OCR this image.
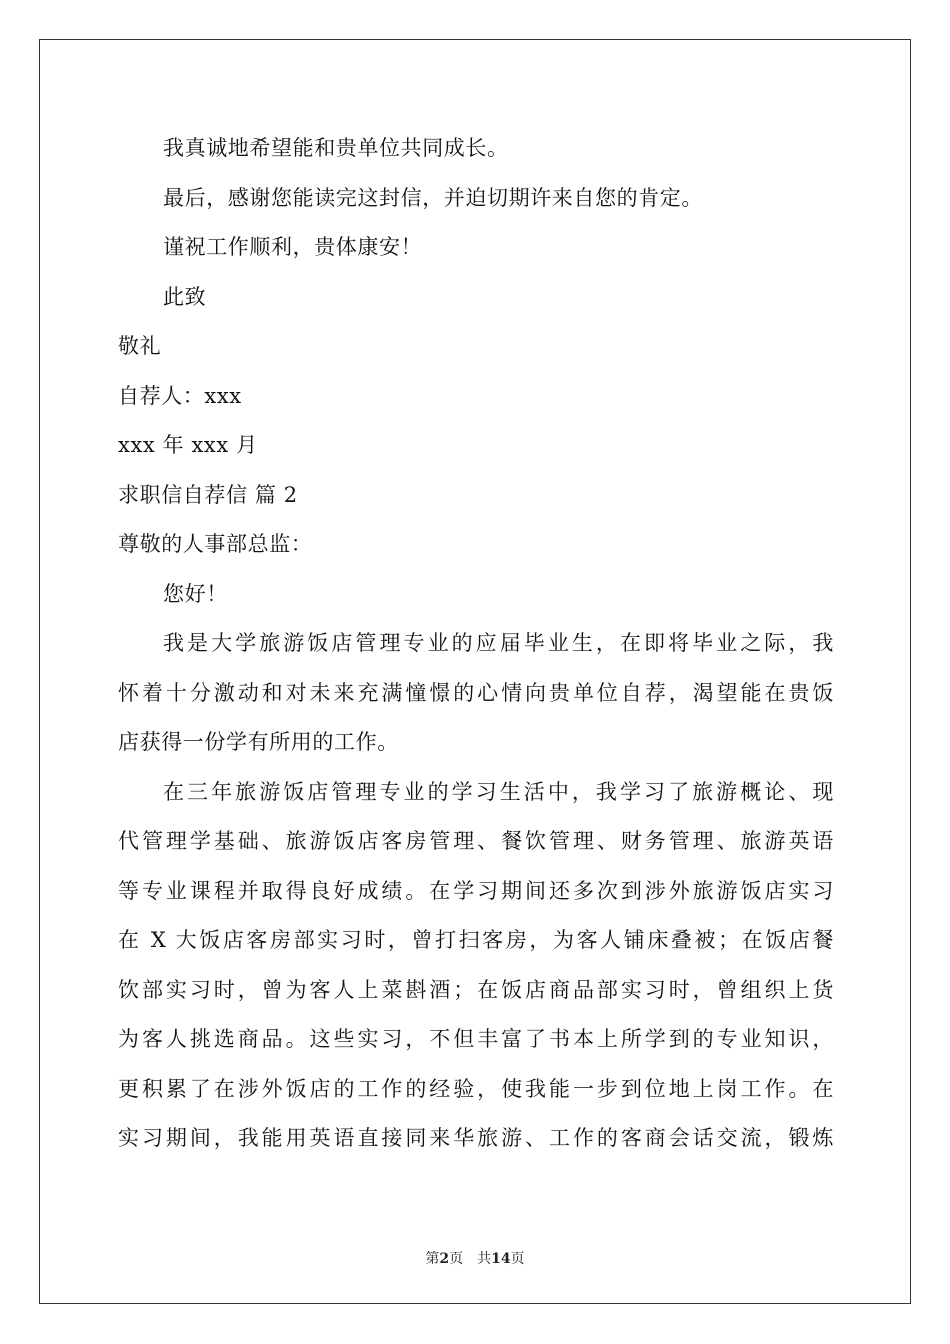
我真诚地希望能和贵单位共同成长。
最后，感谢您能读完这封信，并迫切期许来自您的肯定。
谨祝工作顺利，贵体康安！
此致
敬礼
自荐人：xxx
xxx 年 xxx 月
求职信自荐信 篇 2
尊敬的人事部总监：
您好！
我是大学旅游饭店管理专业的应届毕业生，在即将毕业之际，我
怀着十分激动和对未来充满憧憬的心情向贵单位自荐，渴望能在贵饭
店获得一份学有所用的工作。
在三年旅游饭店管理专业的学习生活中，我学习了旅游概论、现
代管理学基础、旅游饭店客房管理、餐饮管理、财务管理、旅游英语
等专业课程并取得良好成绩。在学习期间还多次到涉外旅游饭店实习
在 X 大饭店客房部实习时，曾打扫客房，为客人铺床叠被；在饭店餐
饮部实习时，曾为客人上菜斟酒；在饭店商品部实习时，曾组织上货
为客人挑选商品。这些实习，不但丰富了书本上所学到的专业知识，
更积累了在涉外饭店的工作的经验，使我能一步到位地上岗工作。在
实习期间，我能用英语直接同来华旅游、工作的客商会话交流，锻炼
第2页 共14页
